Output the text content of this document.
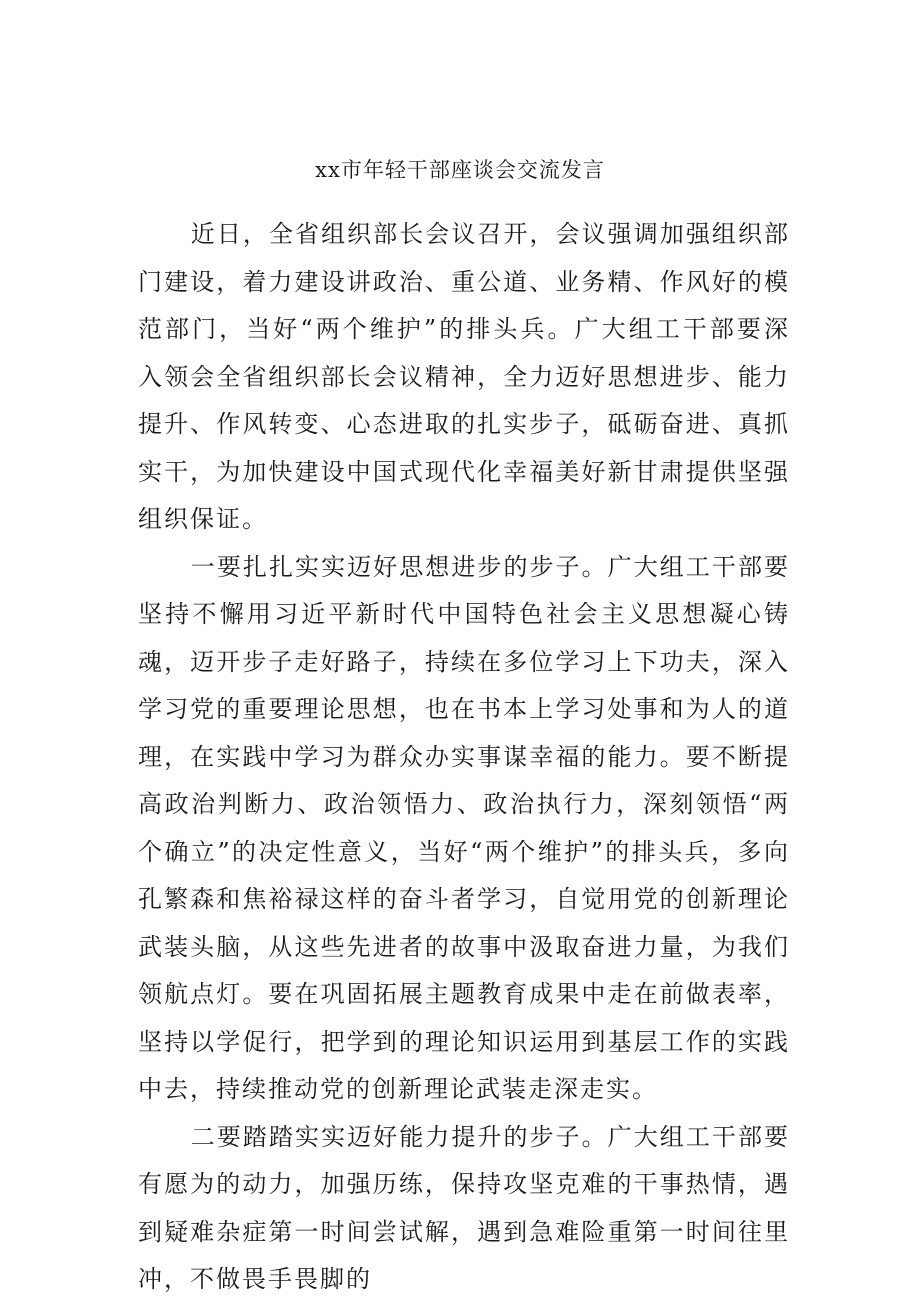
xx市年轻干部座谈会交流发言

近日，全省组织部长会议召开，会议强调加强组织部门建设，着力建设讲政治、重公道、业务精、作风好的模范部门，当好“两个维护”的排头兵。广大组工干部要深入领会全省组织部长会议精神，全力迈好思想进步、能力提升、作风转变、心态进取的扎实步子，砥砺奋进、真抓实干，为加快建设中国式现代化幸福美好新甘肃提供坚强组织保证。

一要扎扎实实迈好思想进步的步子。广大组工干部要坚持不懈用习近平新时代中国特色社会主义思想凝心铸魂，迈开步子走好路子，持续在多位学习上下功夫，深入学习党的重要理论思想，也在书本上学习处事和为人的道理，在实践中学习为群众办实事谋幸福的能力。要不断提高政治判断力、政治领悟力、政治执行力，深刻领悟“两个确立”的决定性意义，当好“两个维护”的排头兵，多向孔繁森和焦裕禄这样的奋斗者学习，自觉用党的创新理论武装头脑，从这些先进者的故事中汲取奋进力量，为我们领航点灯。要在巩固拓展主题教育成果中走在前做表率，坚持以学促行，把学到的理论知识运用到基层工作的实践中去，持续推动党的创新理论武装走深走实。

二要踏踏实实迈好能力提升的步子。广大组工干部要有愿为的动力，加强历练，保持攻坚克难的干事热情，遇到疑难杂症第一时间尝试解，遇到急难险重第一时间往里冲，不做畏手畏脚的
